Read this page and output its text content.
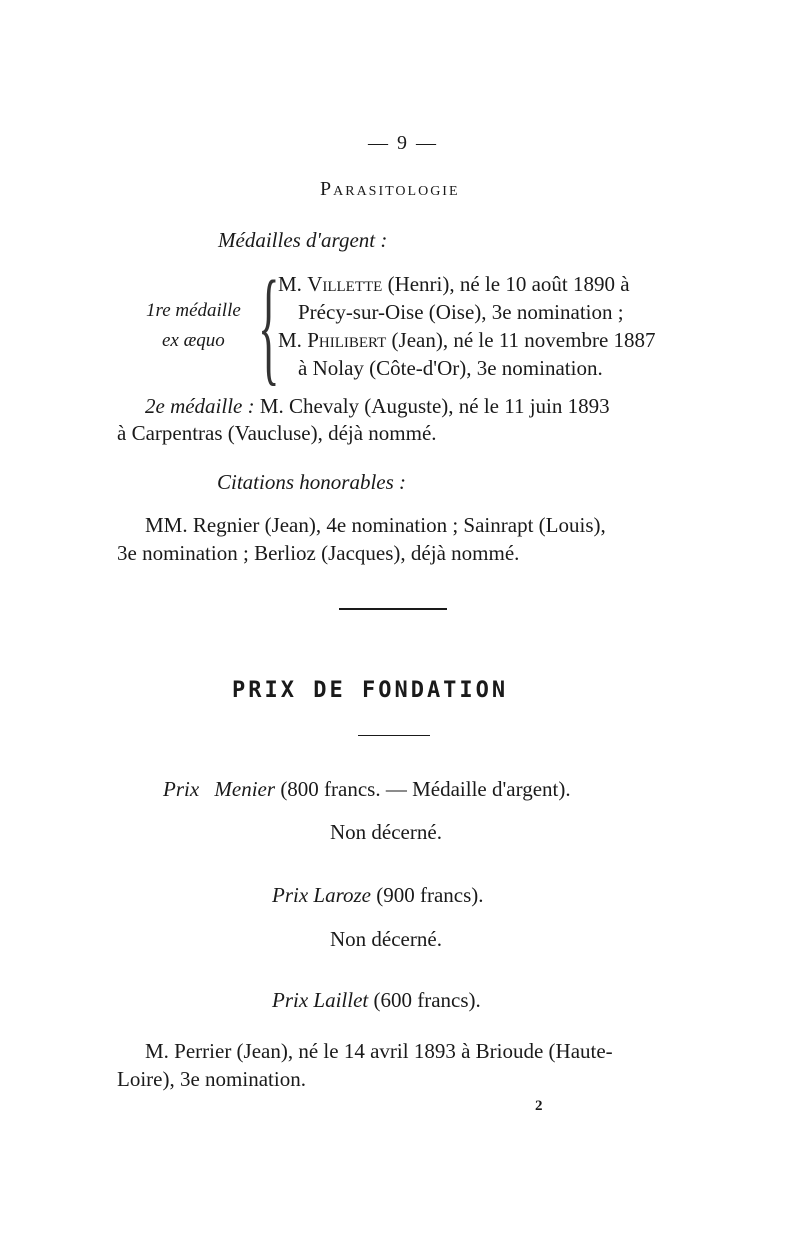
— 9 —
Parasitologie
Médailles d'argent :
1re médaille
ex æquo {
M. Villette (Henri), né le 10 août 1890 à
Précy-sur-Oise (Oise), 3e nomination ;
M. Philibert (Jean), né le 11 novembre 1887
à Nolay (Côte-d'Or), 3e nomination.
2e médaille : M. Chevaly (Auguste), né le 11 juin 1893
à Carpentras (Vaucluse), déjà nommé.
Citations honorables :
MM. Regnier (Jean), 4e nomination ; Sainrapt (Louis),
3e nomination ; Berlioz (Jacques), déjà nommé.
PRIX DE FONDATION
Prix Menier (800 francs. — Médaille d'argent).
Non décerné.
Prix Laroze (900 francs).
Non décerné.
Prix Laillet (600 francs).
M. Perrier (Jean), né le 14 avril 1893 à Brioude (Haute-
Loire), 3e nomination.
2
